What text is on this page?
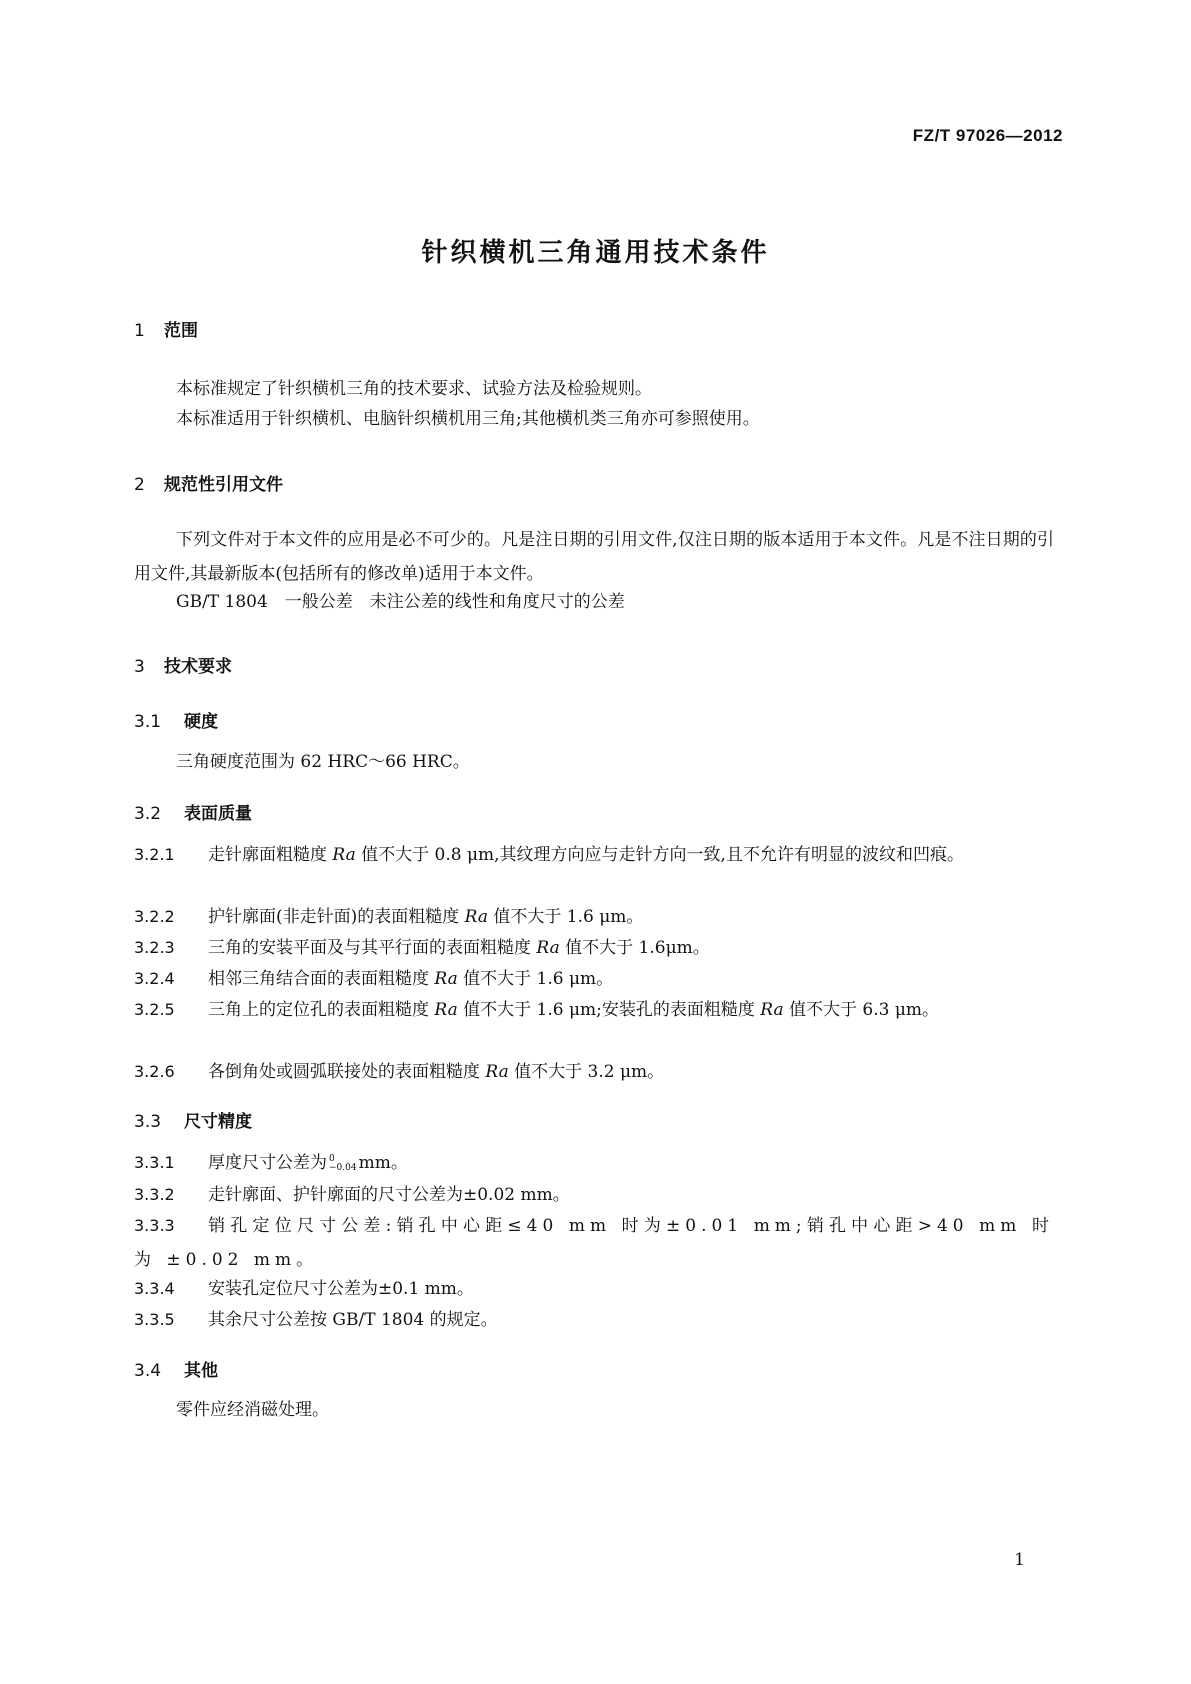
FZ/T 97026—2012
针织横机三角通用技术条件
1 范围
本标准规定了针织横机三角的技术要求、试验方法及检验规则。
本标准适用于针织横机、电脑针织横机用三角;其他横机类三角亦可参照使用。
2 规范性引用文件
下列文件对于本文件的应用是必不可少的。凡是注日期的引用文件,仅注日期的版本适用于本文件。凡是不注日期的引用文件,其最新版本(包括所有的修改单)适用于本文件。
GB/T 1804　一般公差　未注公差的线性和角度尺寸的公差
3 技术要求
3.1 硬度
三角硬度范围为 62 HRC～66 HRC。
3.2 表面质量
3.2.1 走针廓面粗糙度 Ra 值不大于 0.8 μm,其纹理方向应与走针方向一致,且不允许有明显的波纹和凹痕。
3.2.2 护针廓面(非走针面)的表面粗糙度 Ra 值不大于 1.6 μm。
3.2.3 三角的安装平面及与其平行面的表面粗糙度 Ra 值不大于 1.6μm。
3.2.4 相邻三角结合面的表面粗糙度 Ra 值不大于 1.6 μm。
3.2.5 三角上的定位孔的表面粗糙度 Ra 值不大于 1.6 μm;安装孔的表面粗糙度 Ra 值不大于 6.3 μm。
3.2.6 各倒角处或圆弧联接处的表面粗糙度 Ra 值不大于 3.2 μm。
3.3 尺寸精度
3.3.1 厚度尺寸公差为 0
−0.04 mm。
3.3.2 走针廓面、护针廓面的尺寸公差为±0.02 mm。
3.3.3 销孔定位尺寸公差:销孔中心距≤40 mm 时为±0.01 mm;销孔中心距>40 mm 时为 ±0.02 mm。
3.3.4 安装孔定位尺寸公差为±0.1 mm。
3.3.5 其余尺寸公差按 GB/T 1804 的规定。
3.4 其他
零件应经消磁处理。
1
